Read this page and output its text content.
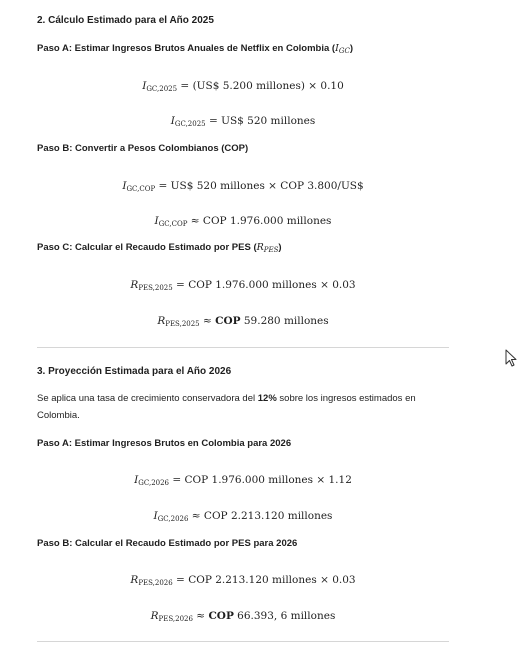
2. Cálculo Estimado para el Año 2025
Paso A: Estimar Ingresos Brutos Anuales de Netflix en Colombia $(I_{GC})$
$I_{GC,2025}$ = (US$ 5.200 millones) × 0.10
$I_{GC,2025}$ = US$ 520 millones
Paso B: Convertir a Pesos Colombianos (COP)
$I_{GC,COP}$ = US$ 520 millones × COP 3.800/US$
$I_{GC,COP}$ ≈ COP 1.976.000 millones
Paso C: Calcular el Recaudo Estimado por PES $(R_{PES})$
$R_{PES,2025}$ = COP 1.976.000 millones × 0.03
$R_{PES,2025}$ ≈ COP 59.280 millones
3. Proyección Estimada para el Año 2026
Se aplica una tasa de crecimiento conservadora del 12% sobre los ingresos estimados en Colombia.
Paso A: Estimar Ingresos Brutos en Colombia para 2026
$I_{GC,2026}$ = COP 1.976.000 millones × 1.12
$I_{GC,2026}$ ≈ COP 2.213.120 millones
Paso B: Calcular el Recaudo Estimado por PES para 2026
$R_{PES,2026}$ = COP 2.213.120 millones × 0.03
$R_{PES,2026}$ ≈ COP 66.393, 6 millones
